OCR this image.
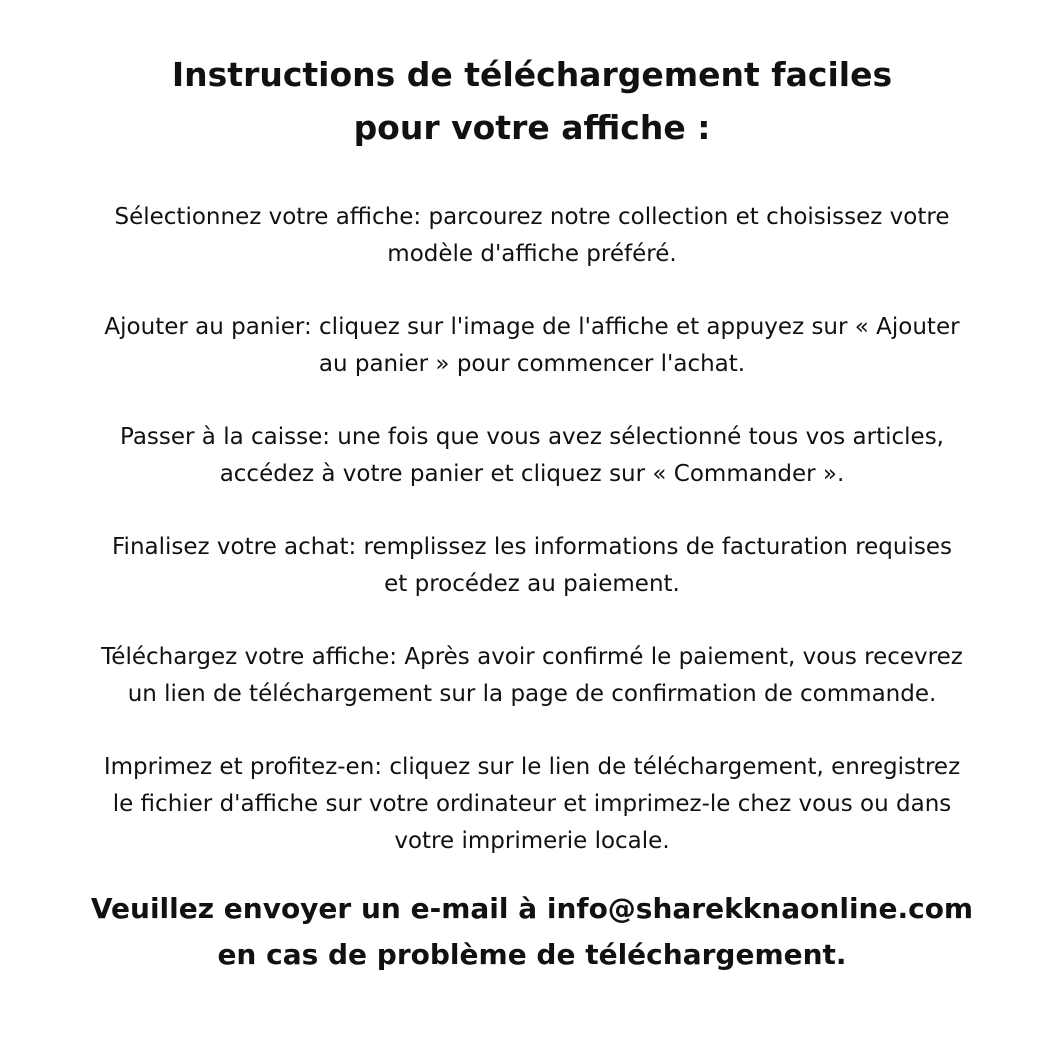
Instructions de téléchargement faciles
pour votre affiche :
Sélectionnez votre affiche: parcourez notre collection et choisissez votre
modèle d'affiche préféré.
Ajouter au panier: cliquez sur l'image de l'affiche et appuyez sur « Ajouter
au panier » pour commencer l'achat.
Passer à la caisse: une fois que vous avez sélectionné tous vos articles,
accédez à votre panier et cliquez sur « Commander ».
Finalisez votre achat: remplissez les informations de facturation requises
et procédez au paiement.
Téléchargez votre affiche: Après avoir confirmé le paiement, vous recevrez
un lien de téléchargement sur la page de confirmation de commande.
Imprimez et profitez-en: cliquez sur le lien de téléchargement, enregistrez
le fichier d'affiche sur votre ordinateur et imprimez-le chez vous ou dans
votre imprimerie locale.

Veuillez envoyer un e-mail à info@sharekknaonline.com
en cas de problème de téléchargement.
